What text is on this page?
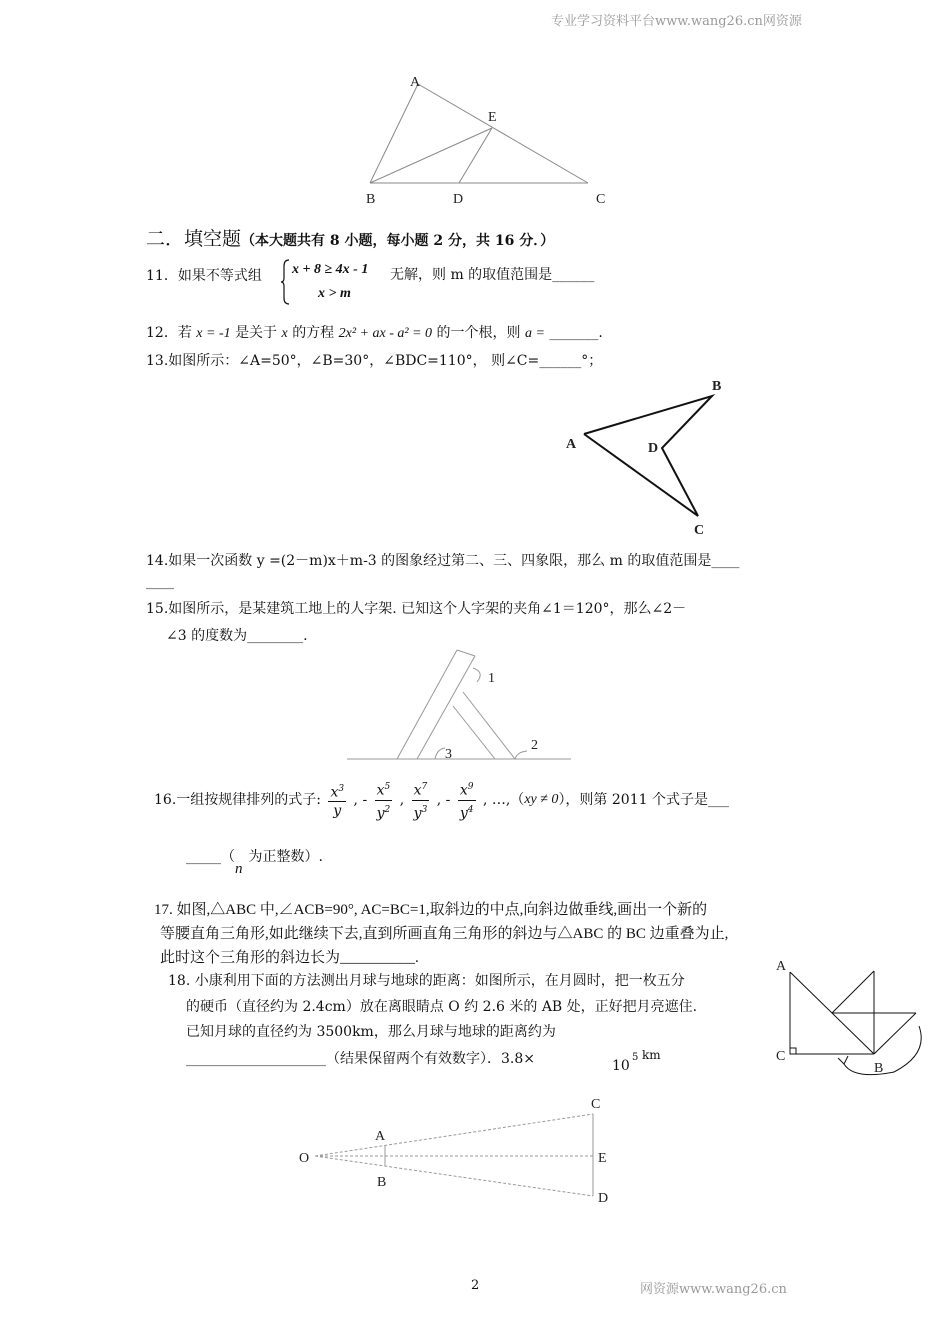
专业学习资料平台www.wang26.cn网资源
A
E
B	D	C
二．填空题（本大题共有 8 小题，每小题 2 分，共 16 分．）
11．如果不等式组 x + 8 ≥ 4x - 1
x > m
无解，则 m 的取值范围是______
12．若 x = -1 是关于 x 的方程 2x² + ax - a² = 0 的一个根，则 a = _______.
13.如图所示：∠A=50°，∠B=30°，∠BDC=110°， 则∠C=______°；
B
A	D
C
14.如果一次函数 y =(2－m)x＋m-3 的图象经过第二、三、四象限，那么 m 的取值范围是____
____
15.如图所示，是某建筑工地上的人字架. 已知这个人字架的夹角∠1＝120°，那么∠2－
∠3 的度数为________.
1
2
3
16.一组按规律排列的式子: $\frac{x^3}{y}$ , - $\frac{x^5}{y^2}$ , $\frac{x^7}{y^3}$ , - $\frac{x^9}{y^4}$ , …,（xy ≠ 0），则第 2011 个式子是___
_____（n为正整数）.
17. 如图,△ABC 中,∠ACB=90°, AC=BC=1,取斜边的中点,向斜边做垂线,画出一个新的
等腰直角三角形,如此继续下去,直到所画直角三角形的斜边与△ABC 的 BC 边重叠为止,
此时这个三角形的斜边长为__________.
A
C
B
18. 小康利用下面的方法测出月球与地球的距离：如图所示，在月圆时，把一枚五分
的硬币（直径约为 2.4cm）放在离眼睛点 O 约 2.6 米的 AB 处，正好把月亮遮住.
已知月球的直径约为 3500km，那么月球与地球的距离约为
____________________（结果保留两个有效数字）．3.8×	10
5 km
O
A
B
C
E
D
2	网资源www.wang26.cn
